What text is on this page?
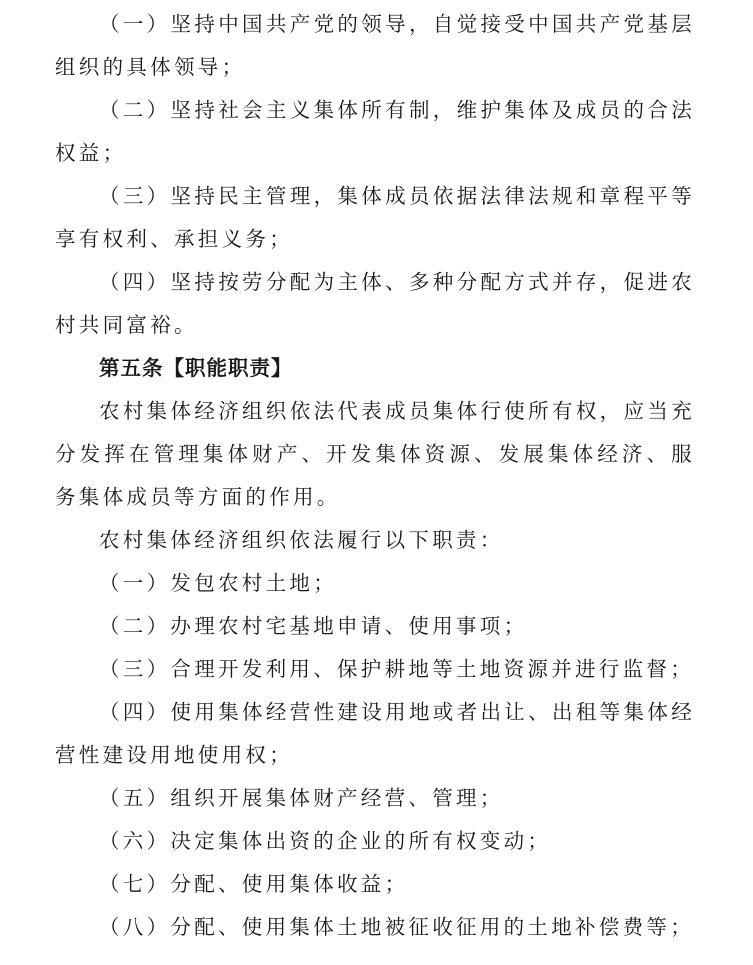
（一）坚持中国共产党的领导，自觉接受中国共产党基层组织的具体领导；

（二）坚持社会主义集体所有制，维护集体及成员的合法权益；

（三）坚持民主管理，集体成员依据法律法规和章程平等享有权利、承担义务；

（四）坚持按劳分配为主体、多种分配方式并存，促进农村共同富裕。

第五条【职能职责】

农村集体经济组织依法代表成员集体行使所有权，应当充分发挥在管理集体财产、开发集体资源、发展集体经济、服务集体成员等方面的作用。

农村集体经济组织依法履行以下职责：

（一）发包农村土地；

（二）办理农村宅基地申请、使用事项；

（三）合理开发利用、保护耕地等土地资源并进行监督；

（四）使用集体经营性建设用地或者出让、出租等集体经营性建设用地使用权；

（五）组织开展集体财产经营、管理；

（六）决定集体出资的企业的所有权变动；

（七）分配、使用集体收益；

（八）分配、使用集体土地被征收征用的土地补偿费等；
